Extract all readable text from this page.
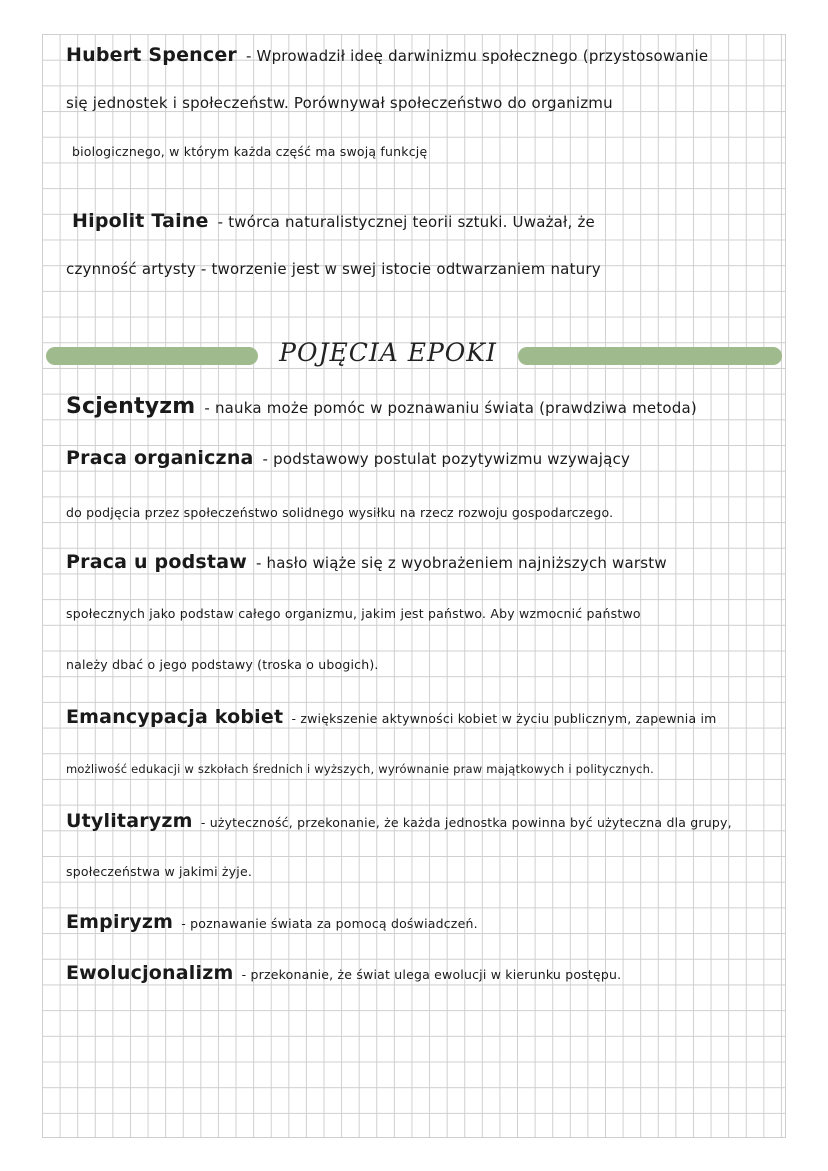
Hubert Spencer - Wprowadził ideę darwinizmu społecznego (przystosowanie
się jednostek i społeczeństw. Porównywał społeczeństwo do organizmu
biologicznego, w którym każda część ma swoją funkcję
Hipolit Taine - twórca naturalistycznej teorii sztuki. Uważał, że
czynność artysty - tworzenie jest w swej istocie odtwarzaniem natury
POJĘCIA EPOKI
Scjentyzm - nauka może pomóc w poznawaniu świata (prawdziwa metoda)
Praca organiczna - podstawowy postulat pozytywizmu wzywający
do podjęcia przez społeczeństwo solidnego wysiłku na rzecz rozwoju gospodarczego.
Praca u podstaw - hasło wiąże się z wyobrażeniem najniższych warstw
społecznych jako podstaw całego organizmu, jakim jest państwo. Aby wzmocnić państwo
należy dbać o jego podstawy (troska o ubogich).
Emancypacja kobiet - zwiększenie aktywności kobiet w życiu publicznym, zapewnia im
możliwość edukacji w szkołach średnich i wyższych, wyrównanie praw majątkowych i politycznych.
Utylitaryzm - użyteczność, przekonanie, że każda jednostka powinna być użyteczna dla grupy,
społeczeństwa w jakimi żyje.
Empiryzm - poznawanie świata za pomocą doświadczeń.
Ewolucjonalizm - przekonanie, że świat ulega ewolucji w kierunku postępu.
